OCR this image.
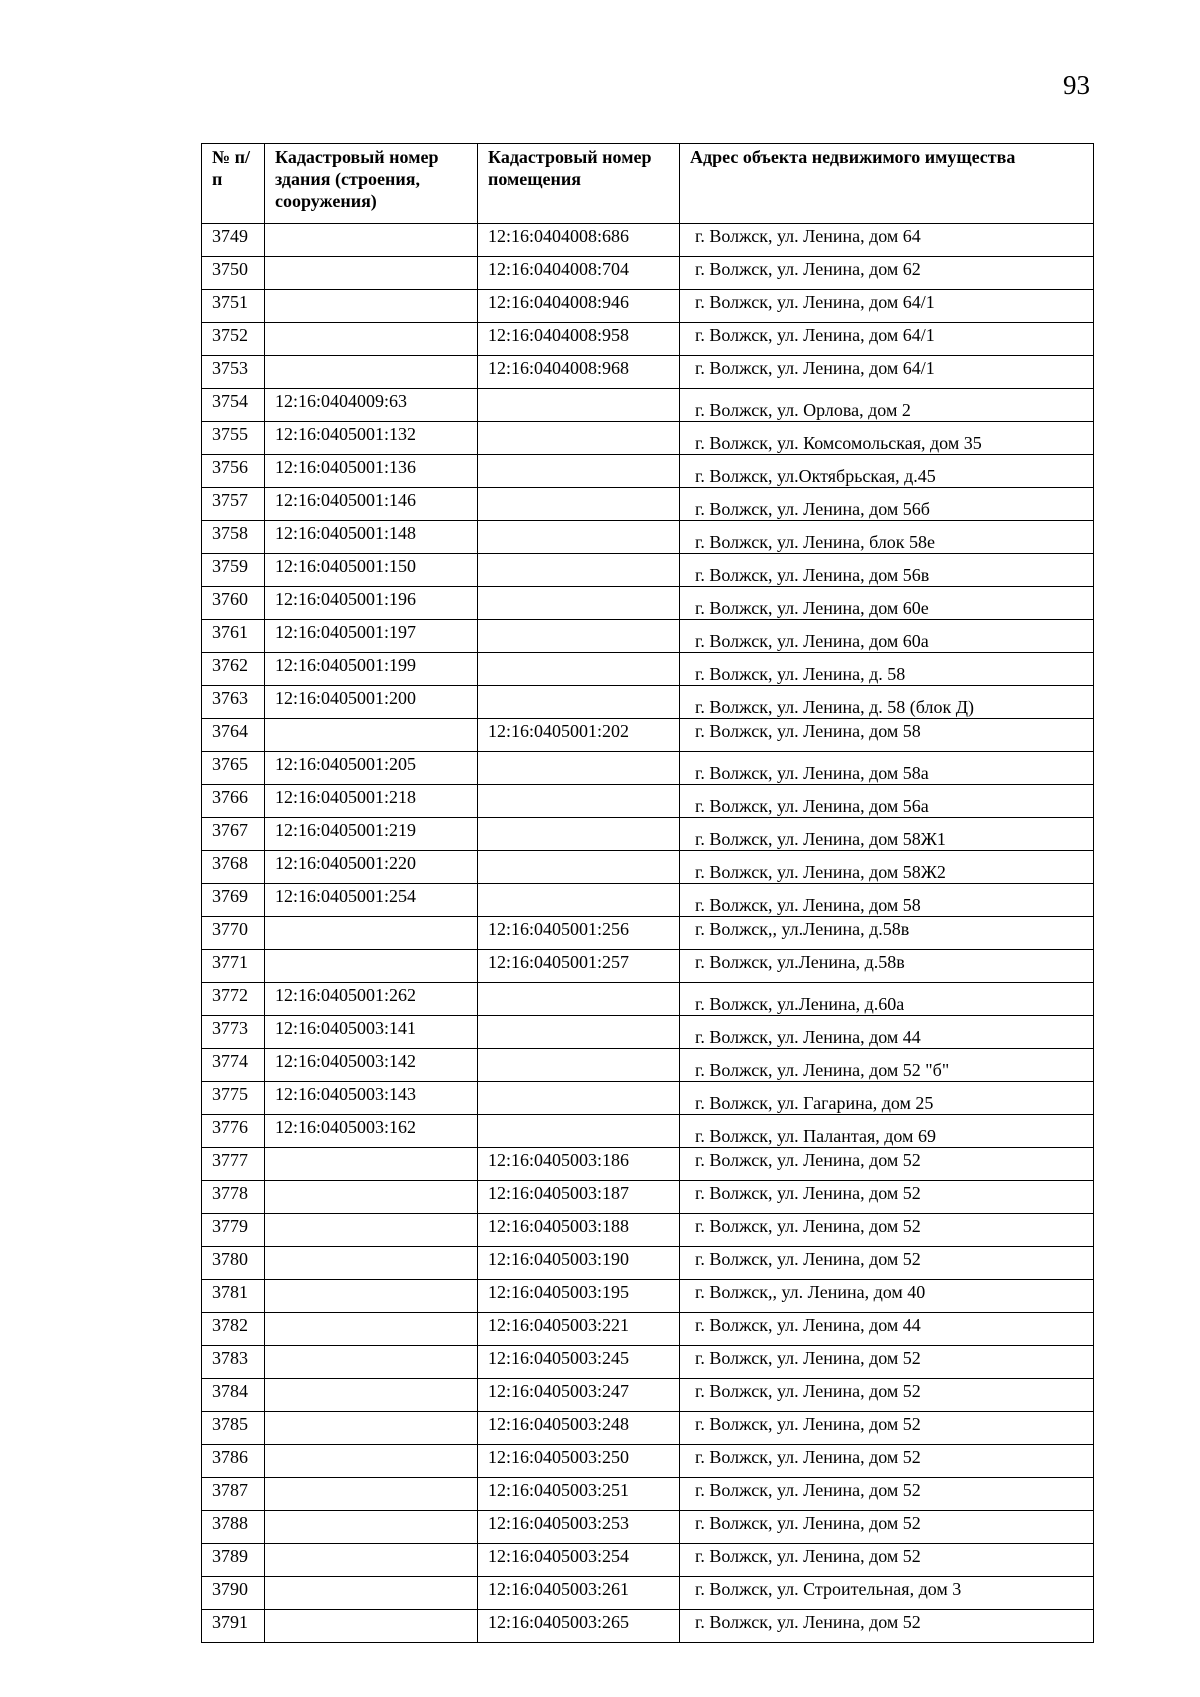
93
№ п/п	Кадастровый номер здания (строения, сооружения)	Кадастровый номер помещения	Адрес объекта недвижимого имущества
3749		12:16:0404008:686	г. Волжск, ул. Ленина, дом 64
3750		12:16:0404008:704	г. Волжск, ул. Ленина, дом 62
3751		12:16:0404008:946	г. Волжск, ул. Ленина, дом 64/1
3752		12:16:0404008:958	г. Волжск, ул. Ленина, дом 64/1
3753		12:16:0404008:968	г. Волжск, ул. Ленина, дом 64/1
3754	12:16:0404009:63		г. Волжск, ул. Орлова, дом 2
3755	12:16:0405001:132		г. Волжск, ул. Комсомольская, дом 35
3756	12:16:0405001:136		г. Волжск, ул.Октябрьская, д.45
3757	12:16:0405001:146		г. Волжск, ул. Ленина, дом 56б
3758	12:16:0405001:148		г. Волжск, ул. Ленина, блок 58е
3759	12:16:0405001:150		г. Волжск, ул. Ленина, дом 56в
3760	12:16:0405001:196		г. Волжск, ул. Ленина, дом 60е
3761	12:16:0405001:197		г. Волжск, ул. Ленина, дом 60а
3762	12:16:0405001:199		г. Волжск, ул. Ленина, д. 58
3763	12:16:0405001:200		г. Волжск, ул. Ленина, д. 58 (блок Д)
3764		12:16:0405001:202	г. Волжск, ул. Ленина, дом 58
3765	12:16:0405001:205		г. Волжск, ул. Ленина, дом 58а
3766	12:16:0405001:218		г. Волжск, ул. Ленина, дом 56а
3767	12:16:0405001:219		г. Волжск, ул. Ленина, дом 58Ж1
3768	12:16:0405001:220		г. Волжск, ул. Ленина, дом 58Ж2
3769	12:16:0405001:254		г. Волжск, ул. Ленина, дом 58
3770		12:16:0405001:256	г. Волжск,, ул.Ленина, д.58в
3771		12:16:0405001:257	г. Волжск, ул.Ленина, д.58в
3772	12:16:0405001:262		г. Волжск, ул.Ленина, д.60а
3773	12:16:0405003:141		г. Волжск, ул. Ленина, дом 44
3774	12:16:0405003:142		г. Волжск, ул. Ленина, дом 52 "б"
3775	12:16:0405003:143		г. Волжск, ул. Гагарина, дом 25
3776	12:16:0405003:162		г. Волжск, ул. Палантая, дом 69
3777		12:16:0405003:186	г. Волжск, ул. Ленина, дом 52
3778		12:16:0405003:187	г. Волжск, ул. Ленина, дом 52
3779		12:16:0405003:188	г. Волжск, ул. Ленина, дом 52
3780		12:16:0405003:190	г. Волжск, ул. Ленина, дом 52
3781		12:16:0405003:195	г. Волжск,, ул. Ленина, дом 40
3782		12:16:0405003:221	г. Волжск, ул. Ленина, дом 44
3783		12:16:0405003:245	г. Волжск, ул. Ленина, дом 52
3784		12:16:0405003:247	г. Волжск, ул. Ленина, дом 52
3785		12:16:0405003:248	г. Волжск, ул. Ленина, дом 52
3786		12:16:0405003:250	г. Волжск, ул. Ленина, дом 52
3787		12:16:0405003:251	г. Волжск, ул. Ленина, дом 52
3788		12:16:0405003:253	г. Волжск, ул. Ленина, дом 52
3789		12:16:0405003:254	г. Волжск, ул. Ленина, дом 52
3790		12:16:0405003:261	г. Волжск, ул. Строительная, дом 3
3791		12:16:0405003:265	г. Волжск, ул. Ленина, дом 52
